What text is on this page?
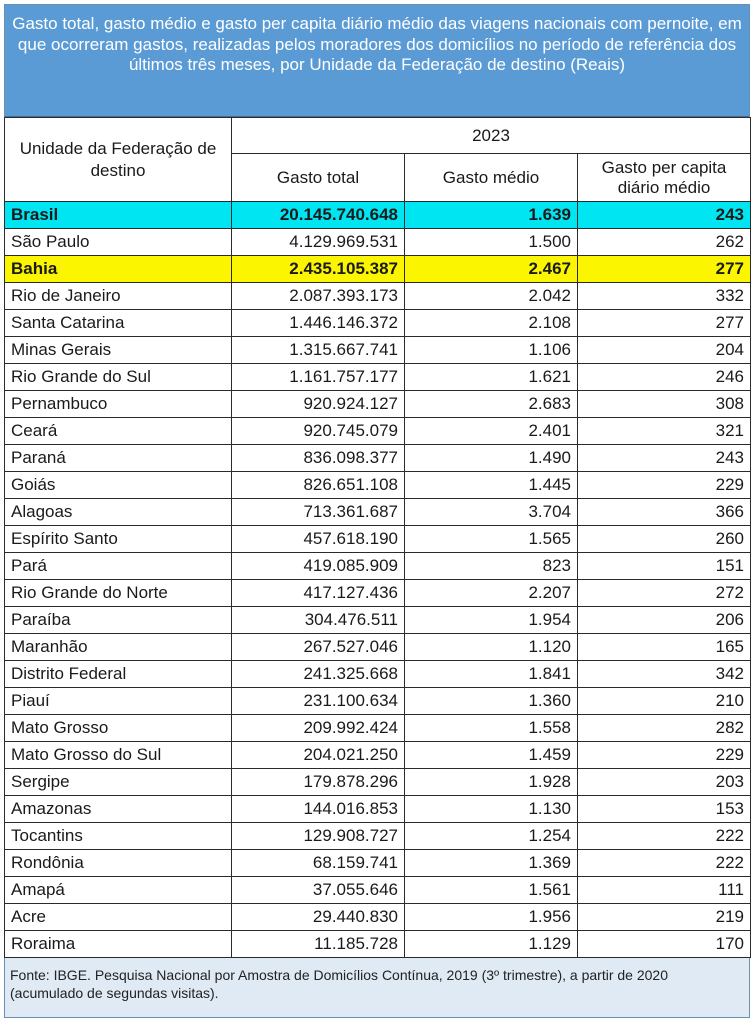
Gasto total, gasto médio e gasto per capita diário médio das viagens nacionais com pernoite, em que ocorreram gastos, realizadas pelos moradores dos domicílios no período de referência dos últimos três meses, por Unidade da Federação de destino (Reais)
Unidade da Federação de destino	2023		
	Gasto total	Gasto médio	Gasto per capita diário médio
Brasil	20.145.740.648	1.639	243
São Paulo	4.129.969.531	1.500	262
Bahia	2.435.105.387	2.467	277
Rio de Janeiro	2.087.393.173	2.042	332
Santa Catarina	1.446.146.372	2.108	277
Minas Gerais	1.315.667.741	1.106	204
Rio Grande do Sul	1.161.757.177	1.621	246
Pernambuco	920.924.127	2.683	308
Ceará	920.745.079	2.401	321
Paraná	836.098.377	1.490	243
Goiás	826.651.108	1.445	229
Alagoas	713.361.687	3.704	366
Espírito Santo	457.618.190	1.565	260
Pará	419.085.909	823	151
Rio Grande do Norte	417.127.436	2.207	272
Paraíba	304.476.511	1.954	206
Maranhão	267.527.046	1.120	165
Distrito Federal	241.325.668	1.841	342
Piauí	231.100.634	1.360	210
Mato Grosso	209.992.424	1.558	282
Mato Grosso do Sul	204.021.250	1.459	229
Sergipe	179.878.296	1.928	203
Amazonas	144.016.853	1.130	153
Tocantins	129.908.727	1.254	222
Rondônia	68.159.741	1.369	222
Amapá	37.055.646	1.561	111
Acre	29.440.830	1.956	219
Roraima	11.185.728	1.129	170
Fonte: IBGE. Pesquisa Nacional por Amostra de Domicílios Contínua, 2019 (3º trimestre), a partir de 2020 (acumulado de segundas visitas).
